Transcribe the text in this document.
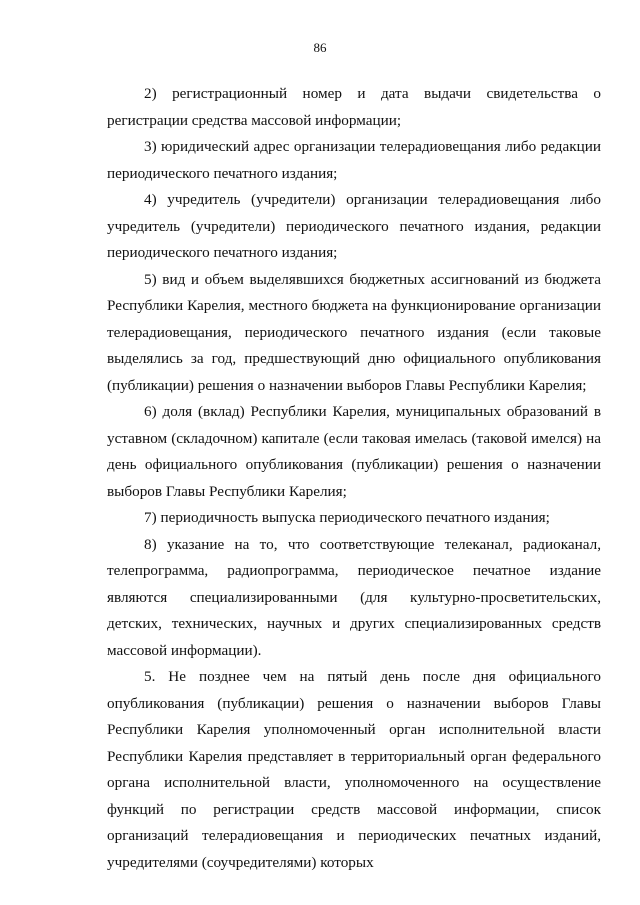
86

2) регистрационный номер и дата выдачи свидетельства о регистрации средства массовой информации;

3) юридический адрес организации телерадиовещания либо редакции периодического печатного издания;

4) учредитель (учредители) организации телерадиовещания либо учредитель (учредители) периодического печатного издания, редакции периодического печатного издания;

5) вид и объем выделявшихся бюджетных ассигнований из бюджета Республики Карелия, местного бюджета на функционирование организации телерадиовещания, периодического печатного издания (если таковые выделялись за год, предшествующий дню официального опубликования (публикации) решения о назначении выборов Главы Республики Карелия;

6) доля (вклад) Республики Карелия, муниципальных образований в уставном (складочном) капитале (если таковая имелась (таковой имелся) на день официального опубликования (публикации) решения о назначении выборов Главы Республики Карелия;

7) периодичность выпуска периодического печатного издания;

8) указание на то, что соответствующие телеканал, радиоканал, телепрограмма, радиопрограмма, периодическое печатное издание являются специализированными (для культурно-просветительских, детских, технических, научных и других специализированных средств массовой информации).

5. Не позднее чем на пятый день после дня официального опубликования (публикации) решения о назначении выборов Главы Республики Карелия уполномоченный орган исполнительной власти Республики Карелия представляет в территориальный орган федерального органа исполнительной власти, уполномоченного на осуществление функций по регистрации средств массовой информации, список организаций телерадиовещания и периодических печатных изданий, учредителями (соучредителями) которых
